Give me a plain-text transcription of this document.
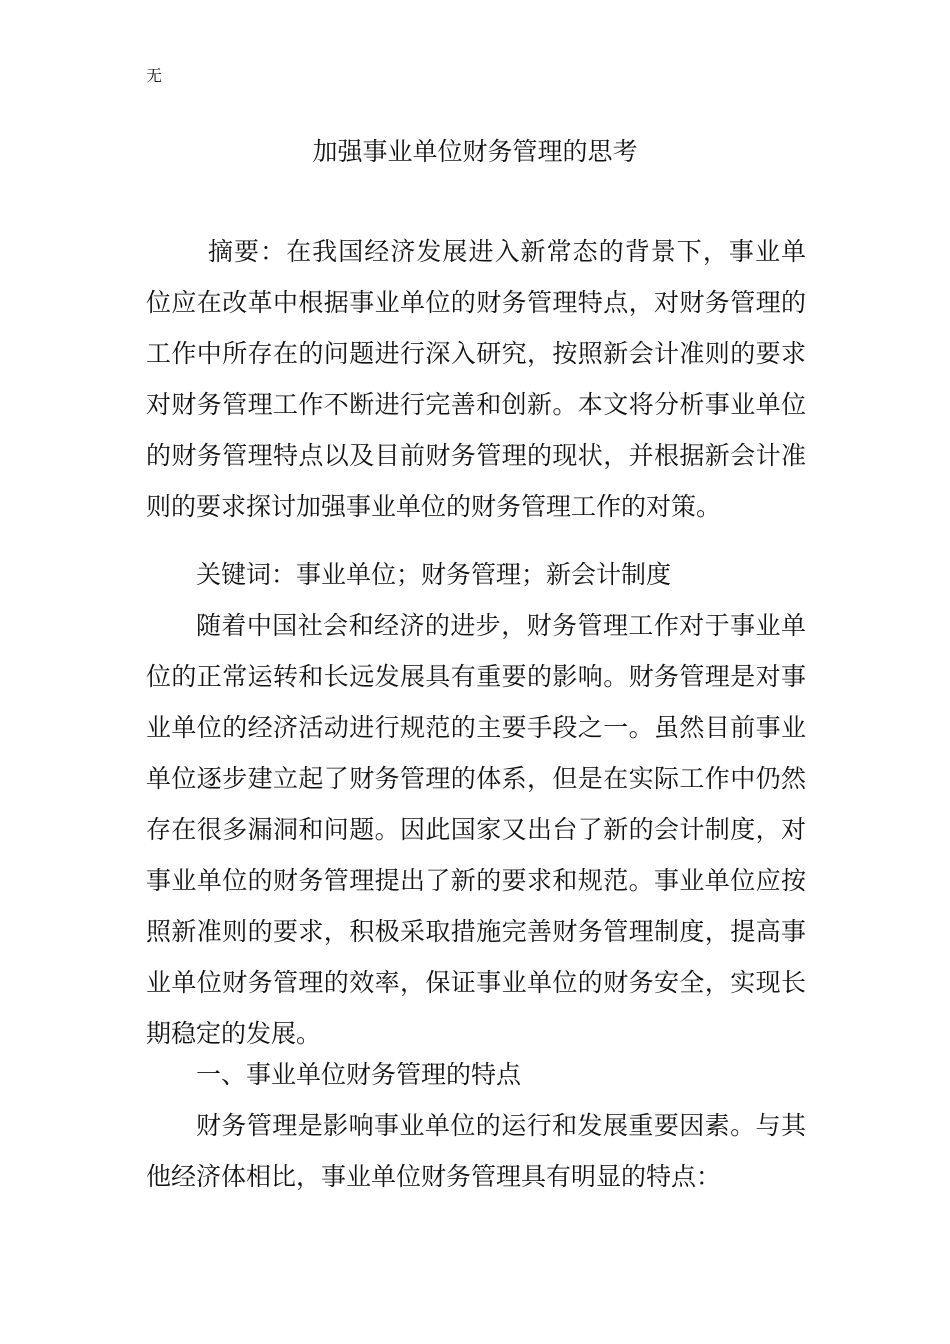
无
加强事业单位财务管理的思考

摘要：在我国经济发展进入新常态的背景下，事业单位应在改革中根据事业单位的财务管理特点，对财务管理的工作中所存在的问题进行深入研究，按照新会计准则的要求对财务管理工作不断进行完善和创新。本文将分析事业单位的财务管理特点以及目前财务管理的现状，并根据新会计准则的要求探讨加强事业单位的财务管理工作的对策。

关键词：事业单位；财务管理；新会计制度

随着中国社会和经济的进步，财务管理工作对于事业单位的正常运转和长远发展具有重要的影响。财务管理是对事业单位的经济活动进行规范的主要手段之一。虽然目前事业单位逐步建立起了财务管理的体系，但是在实际工作中仍然存在很多漏洞和问题。因此国家又出台了新的会计制度，对事业单位的财务管理提出了新的要求和规范。事业单位应按照新准则的要求，积极采取措施完善财务管理制度，提高事业单位财务管理的效率，保证事业单位的财务安全，实现长期稳定的发展。

一、事业单位财务管理的特点

财务管理是影响事业单位的运行和发展重要因素。与其他经济体相比，事业单位财务管理具有明显的特点：
